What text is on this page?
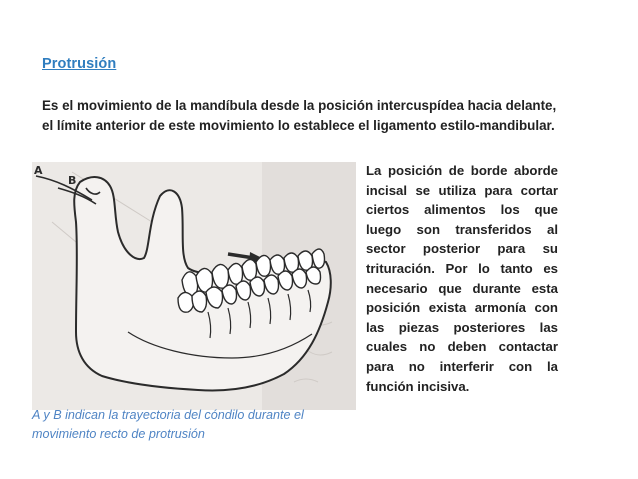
Protrusión
Es el movimiento de la mandíbula desde la posición intercuspídea hacia delante, el límite anterior de este movimiento lo establece el ligamento estilo-mandibular.
A
B
A y B indican la trayectoria del cóndilo durante el movimiento recto de protrusión
La posición de borde aborde incisal se utiliza para cortar ciertos alimentos los que luego son transferidos al sector posterior para su trituración. Por lo tanto es necesario que durante esta posición exista armonía con las piezas posteriores las cuales no deben contactar para no interferir con la función incisiva.
